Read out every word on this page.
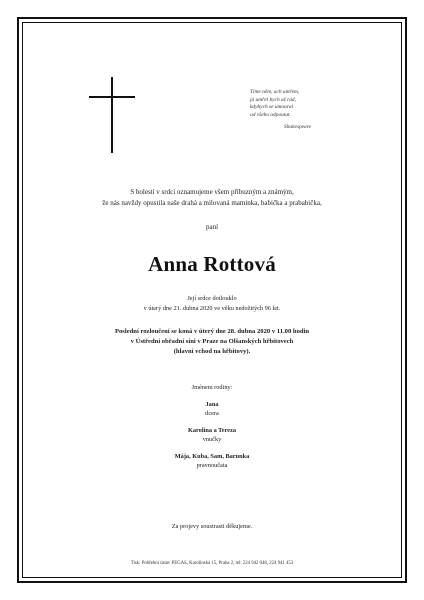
Tíme něm, ach umřem,
já umřel bych až rád,
kdybych se umoural
od všeho odpoutat.
Shakespeare
S bolestí v srdci oznamujeme všem příbuzným a známým,
že nás navždy opustila naše drahá a milovaná maminka, babička a prababička,
paní
Anna Rottová
Její srdce dotlouklo
v úterý dne 21. dubna 2020 ve věku nedožitých 96 let.
Poslední rozloučení se koná v úterý dne 28. dubna 2020 v 11.00 hodin
v Ústřední obřadní síni v Praze na Olšanských hřbitovech
(hlavní vchod na hřbitovy).
Jménem rodiny:
Jana
dcera
Karolína a Tereza
vnučky
Mája, Kuba, Sam, Barunka
pravnoučata
Za projevy soustrasti děkujeme.
Tisk: Pohřební ústav PEGAS, Karolínská 15, Praha 2, tel: 224 942 048, 224 941 453
